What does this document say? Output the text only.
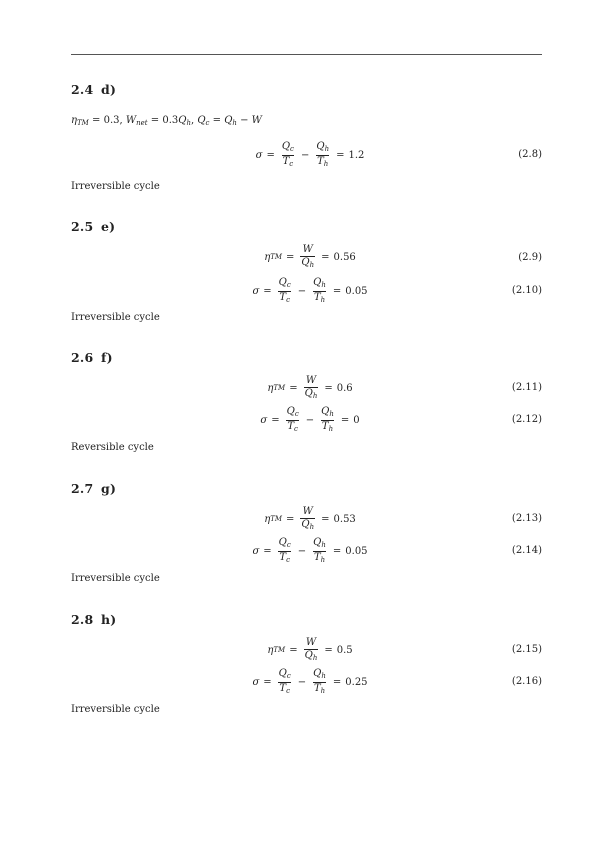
2.4 d)
$\eta_{TM} = 0.3$, $W_{net} = 0.3Q_h$, $Q_c = Q_h - W$
$\sigma = \frac{Q_c}{T_c} - \frac{Q_h}{T_h} = 1.2$	(2.8)
Irreversible cycle
2.5 e)
η TM = $\frac{W}{Q_h} = 0.56$	(2.9)
$\sigma = \frac{Q_c}{T_c} - \frac{Q_h}{T_h} = 0.05$	(2.10)
Irreversible cycle
2.6 f)
η TM = $\frac{W}{Q_h} = 0.6$	(2.11)
$\sigma = \frac{Q_c}{T_c} - \frac{Q_h}{T_h} = 0$	(2.12)
Reversible cycle
2.7 g)
η TM = $\frac{W}{Q_h} = 0.53$	(2.13)
$\sigma = \frac{Q_c}{T_c} - \frac{Q_h}{T_h} = 0.05$	(2.14)
Irreversible cycle
2.8 h)
η TM = $\frac{W}{Q_h} = 0.5$	(2.15)
$\sigma = \frac{Q_c}{T_c} - \frac{Q_h}{T_h} = 0.25$	(2.16)
Irreversible cycle
